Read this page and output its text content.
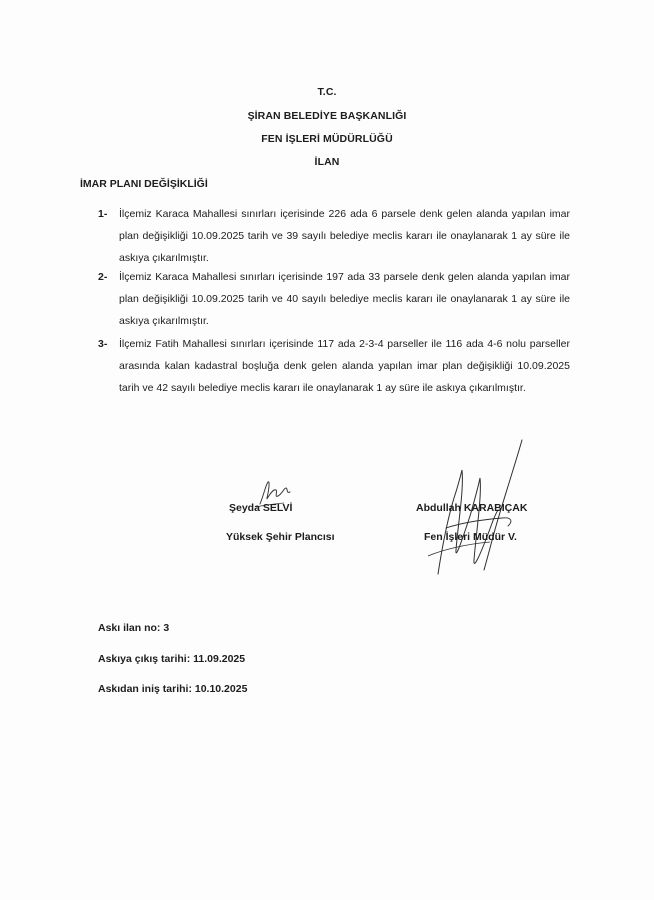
T.C.
ŞİRAN BELEDİYE BAŞKANLIĞI
FEN İŞLERİ MÜDÜRLÜĞÜ
İLAN
İMAR PLANI DEĞİŞİKLİĞİ
1- İlçemiz Karaca Mahallesi sınırları içerisinde 226 ada 6 parsele denk gelen alanda yapılan imar plan değişikliği 10.09.2025 tarih ve 39 sayılı belediye meclis kararı ile onaylanarak 1 ay süre ile askıya çıkarılmıştır.
2- İlçemiz Karaca Mahallesi sınırları içerisinde 197 ada 33 parsele denk gelen alanda yapılan imar plan değişikliği 10.09.2025 tarih ve 40 sayılı belediye meclis kararı ile onaylanarak 1 ay süre ile askıya çıkarılmıştır.
3- İlçemiz Fatih Mahallesi sınırları içerisinde 117 ada 2-3-4 parseller ile 116 ada 4-6 nolu parseller arasında kalan kadastral boşluğa denk gelen alanda yapılan imar plan değişikliği 10.09.2025 tarih ve 42 sayılı belediye meclis kararı ile onaylanarak 1 ay süre ile askıya çıkarılmıştır.
Şeyda SELVİ
Yüksek Şehir Plancısı
Abdullah KARABIÇAK
Fen İşleri Müdür V.
Askı ilan no: 3
Askıya çıkış tarihi: 11.09.2025
Askıdan iniş tarihi: 10.10.2025
